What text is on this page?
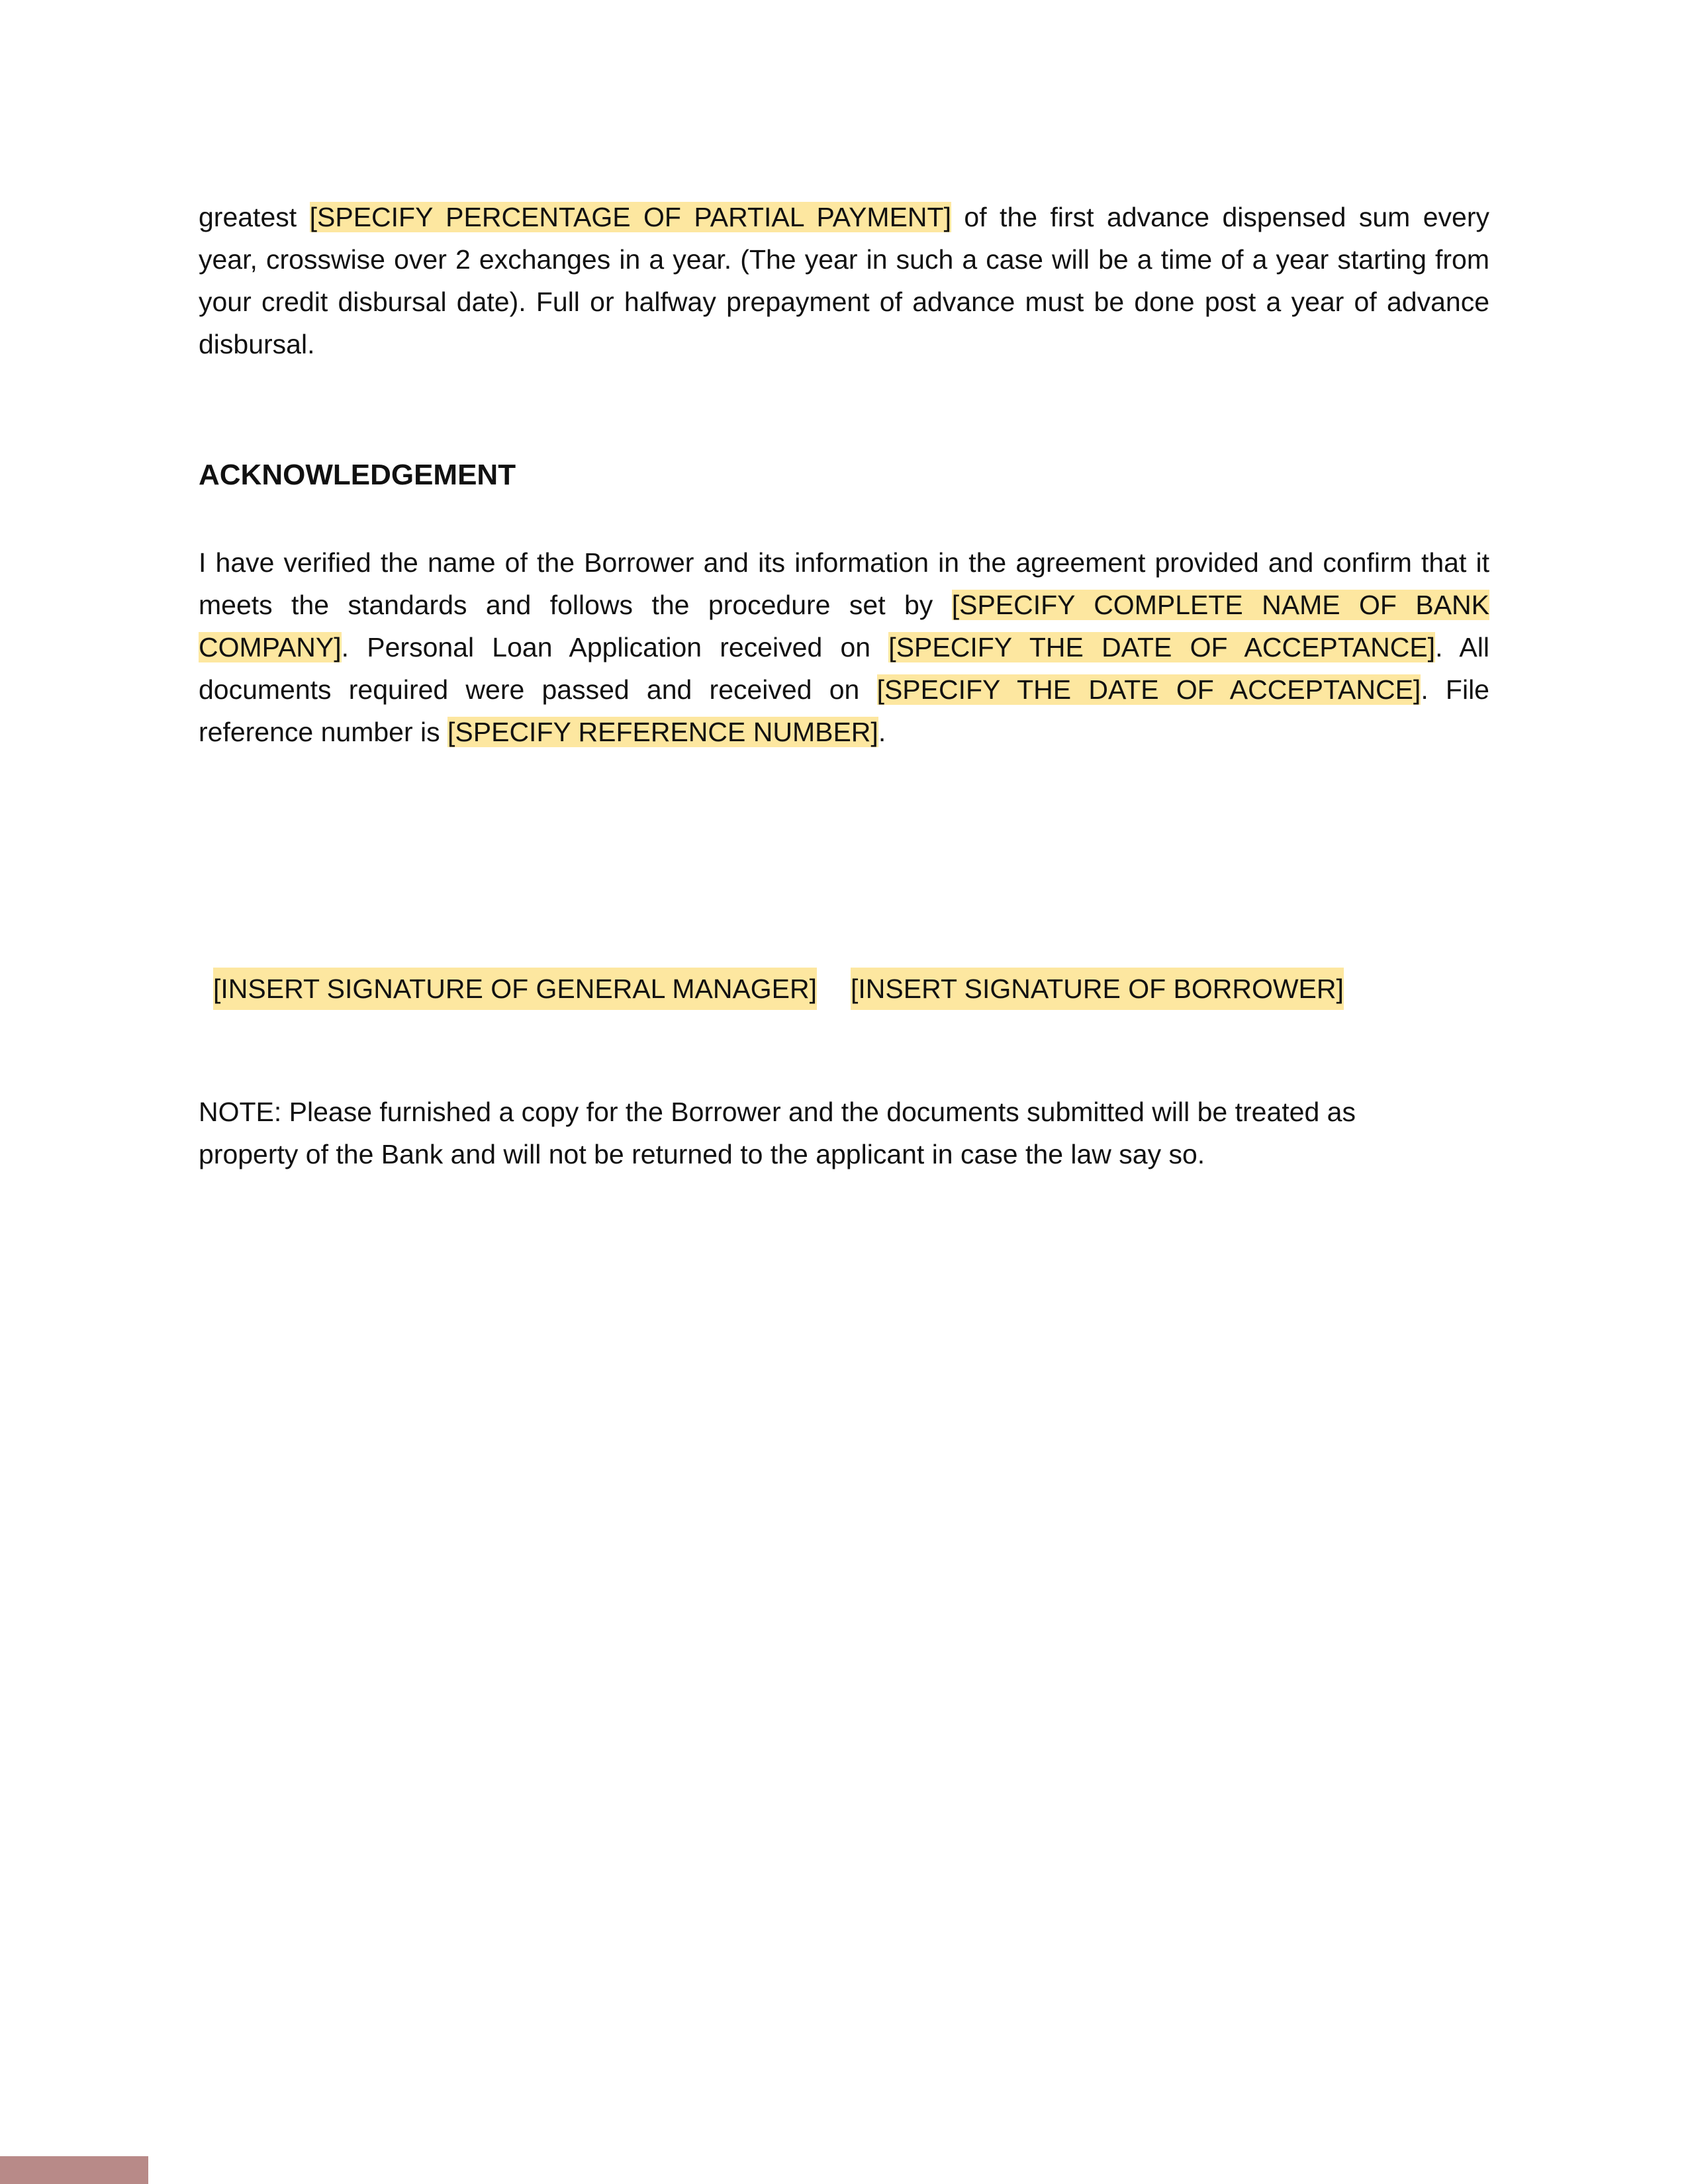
greatest [SPECIFY PERCENTAGE OF PARTIAL PAYMENT] of the first advance dispensed sum every year, crosswise over 2 exchanges in a year. (The year in such a case will be a time of a year starting from your credit disbursal date). Full or halfway prepayment of advance must be done post a year of advance disbursal.

ACKNOWLEDGEMENT

I have verified the name of the Borrower and its information in the agreement provided and confirm that it meets the standards and follows the procedure set by [SPECIFY COMPLETE NAME OF BANK COMPANY]. Personal Loan Application received on [SPECIFY THE DATE OF ACCEPTANCE]. All documents required were passed and received on [SPECIFY THE DATE OF ACCEPTANCE]. File reference number is [SPECIFY REFERENCE NUMBER].

[INSERT SIGNATURE OF GENERAL MANAGER] [INSERT SIGNATURE OF BORROWER]

NOTE: Please furnished a copy for the Borrower and the documents submitted will be treated as property of the Bank and will not be returned to the applicant in case the law say so.
